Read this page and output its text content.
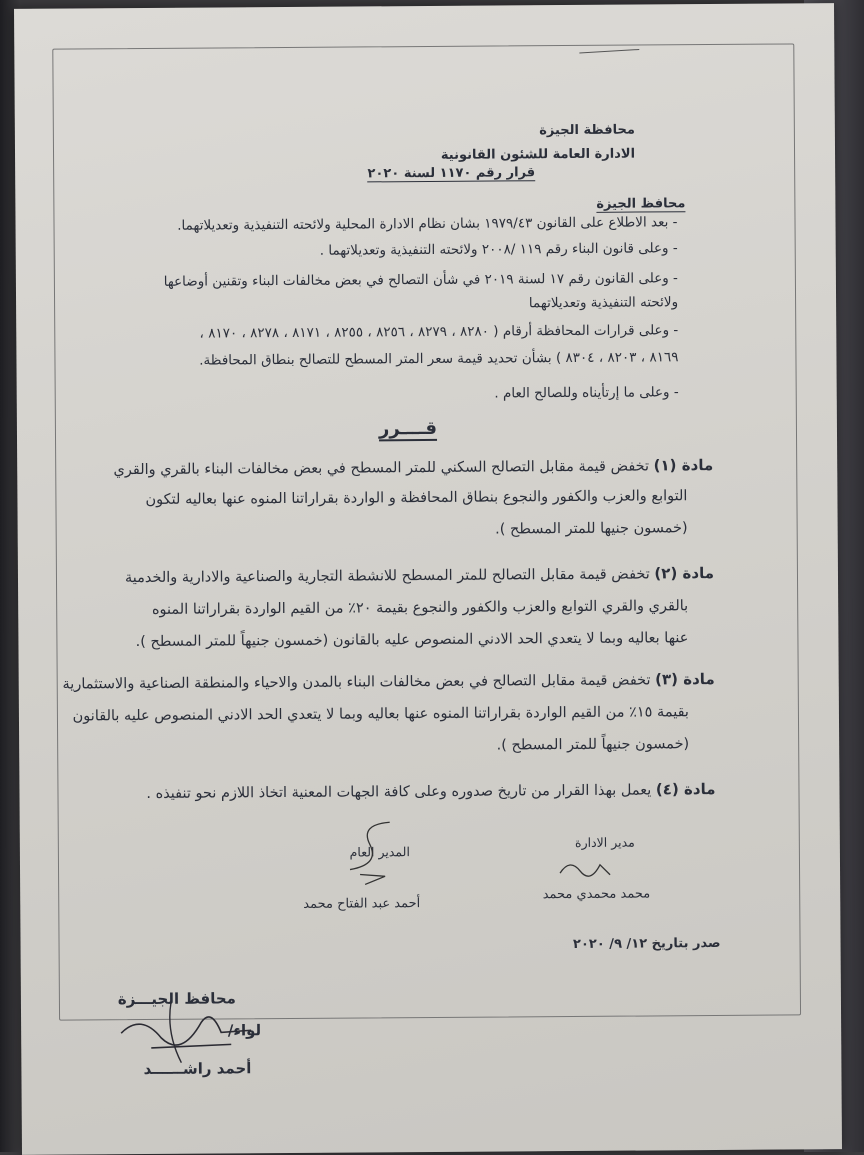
محافظة الجيزة
الادارة العامة للشئون القانونية
قرار رقم ١١٧٠ لسنة ٢٠٢٠
محافظ الجيزة
- بعد الاطلاع على القانون ١٩٧٩/٤٣ بشان نظام الادارة المحلية ولائحته التنفيذية وتعديلاتهما.
- وعلى قانون البناء رقم ١١٩ /٢٠٠٨ ولائحته التنفيذية وتعديلاتهما .
- وعلى القانون رقم ١٧ لسنة ٢٠١٩ في شأن التصالح في بعض مخالفات البناء وتقنين أوضاعها
ولائحته التنفيذية وتعديلاتهما
- وعلى قرارات المحافظة أرقام ( ٨٢٨٠ ، ٨٢٧٩ ، ٨٢٥٦ ، ٨٢٥٥ ، ٨١٧١ ، ٨٢٧٨ ، ٨١٧٠ ،
٨١٦٩ ، ٨٢٠٣ ، ٨٣٠٤ ) بشأن تحديد قيمة سعر المتر المسطح للتصالح بنطاق المحافظة.
- وعلى ما إرتأيناه وللصالح العام .
قــــرر
مادة (١) تخفض قيمة مقابل التصالح السكني للمتر المسطح في بعض مخالفات البناء بالقري والقري
التوابع والعزب والكفور والنجوع بنطاق المحافظة و الواردة بقراراتنا المنوه عنها بعاليه لتكون
(خمسون جنيها للمتر المسطح ).
مادة (٢) تخفض قيمة مقابل التصالح للمتر المسطح للانشطة التجارية والصناعية والادارية والخدمية
بالقري والقري التوابع والعزب والكفور والنجوع بقيمة ٢٠٪ من القيم الواردة بقراراتنا المنوه
عنها بعاليه وبما لا يتعدي الحد الادني المنصوص عليه بالقانون (خمسون جنيهاً للمتر المسطح ).
مادة (٣) تخفض قيمة مقابل التصالح في بعض مخالفات البناء بالمدن والاحياء والمنطقة الصناعية والاستثمارية
بقيمة ١٥٪ من القيم الواردة بقراراتنا المنوه عنها بعاليه وبما لا يتعدي الحد الادني المنصوص عليه بالقانون
(خمسون جنيهاً للمتر المسطح ).
مادة (٤) يعمل بهذا القرار من تاريخ صدوره وعلى كافة الجهات المعنية اتخاذ اللازم نحو تنفيذه .
مدير الادارة
محمد محمدي محمد
المدير العام
أحمد عبد الفتاح محمد
صدر بتاريخ ١٢/ ٩/ ٢٠٢٠
محافظ الجيـــزة
لواء/
أحمد راشــــــد
